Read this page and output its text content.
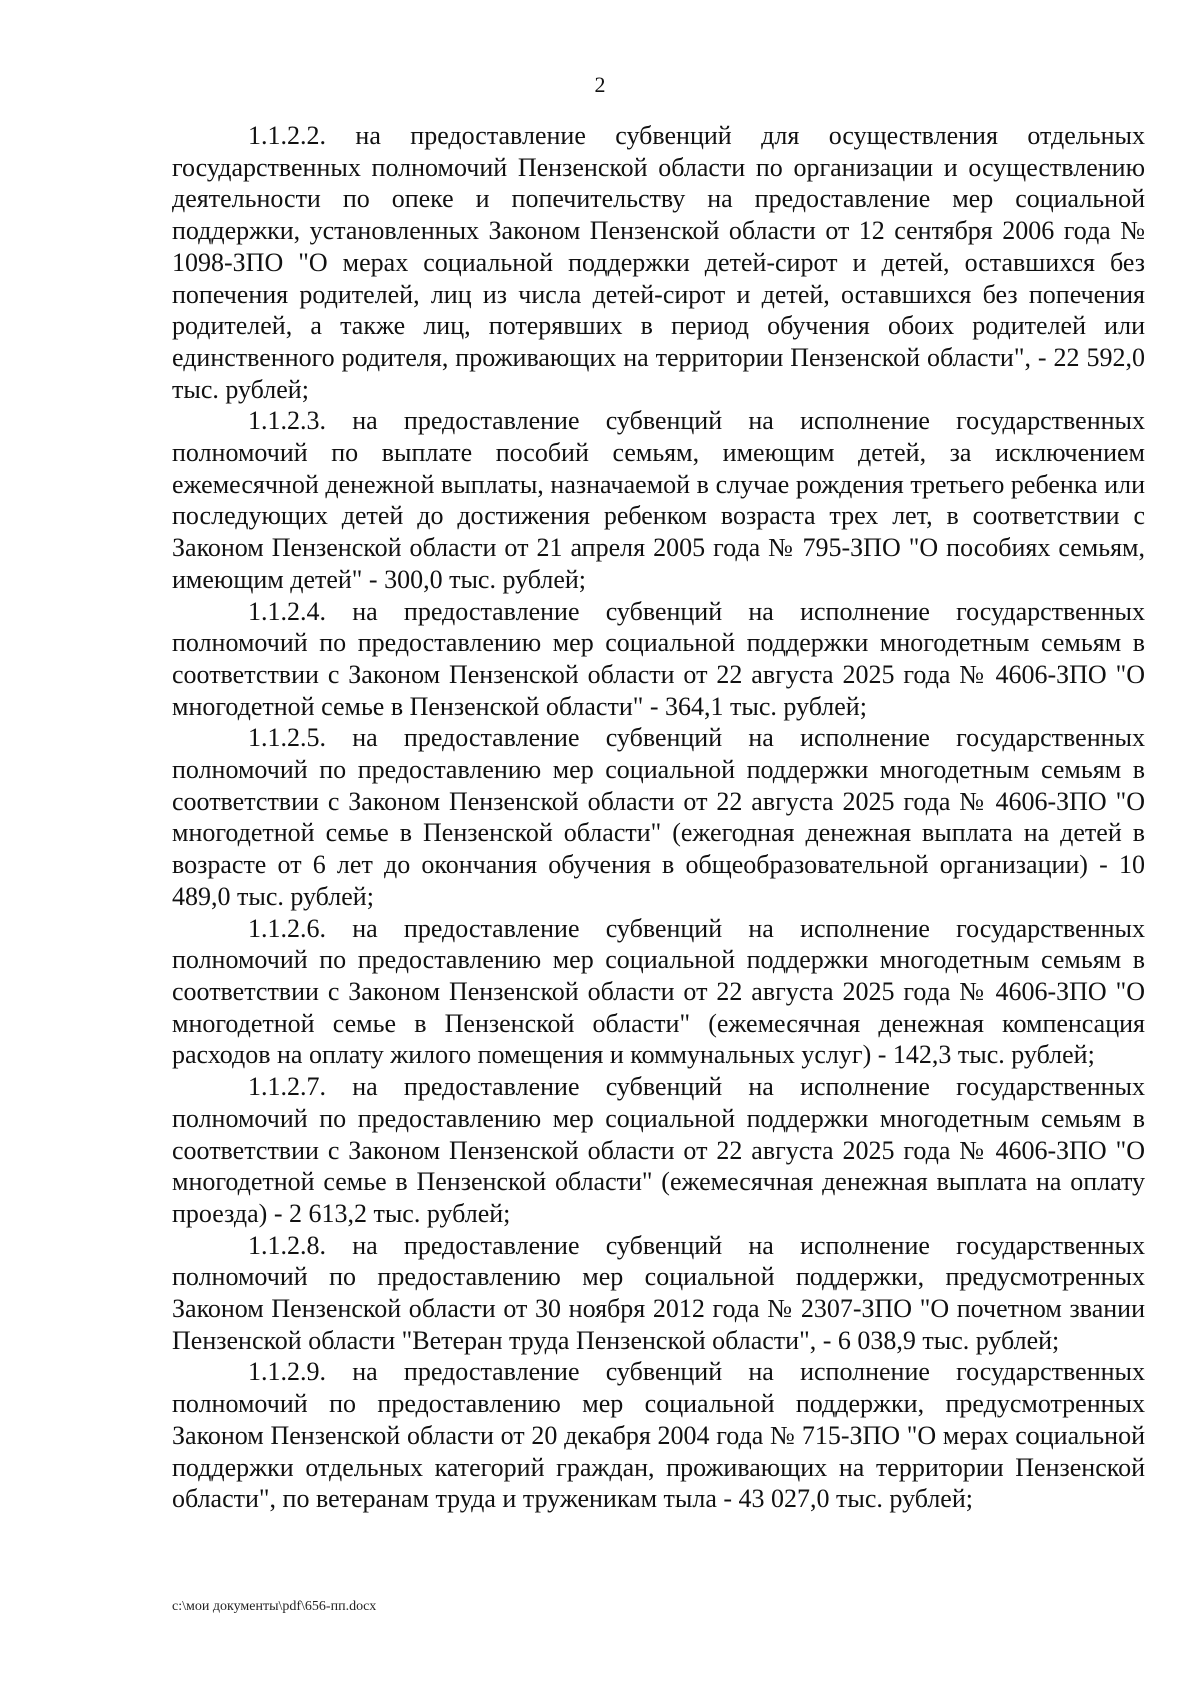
2

1.1.2.2. на предоставление субвенций для осуществления отдельных государственных полномочий Пензенской области по организации и осуществлению деятельности по опеке и попечительству на предоставление мер социальной поддержки, установленных Законом Пензенской области от 12 сентября 2006 года № 1098-ЗПО "О мерах социальной поддержки детей-сирот и детей, оставшихся без попечения родителей, лиц из числа детей-сирот и детей, оставшихся без попечения родителей, а также лиц, потерявших в период обучения обоих родителей или единственного родителя, проживающих на территории Пензенской области", - 22 592,0 тыс. рублей;

1.1.2.3. на предоставление субвенций на исполнение государственных полномочий по выплате пособий семьям, имеющим детей, за исключением ежемесячной денежной выплаты, назначаемой в случае рождения третьего ребенка или последующих детей до достижения ребенком возраста трех лет, в соответствии с Законом Пензенской области от 21 апреля 2005 года № 795-ЗПО "О пособиях семьям, имеющим детей" - 300,0 тыс. рублей;

1.1.2.4. на предоставление субвенций на исполнение государственных полномочий по предоставлению мер социальной поддержки многодетным семьям в соответствии с Законом Пензенской области от 22 августа 2025 года № 4606-ЗПО "О многодетной семье в Пензенской области" - 364,1 тыс. рублей;

1.1.2.5. на предоставление субвенций на исполнение государственных полномочий по предоставлению мер социальной поддержки многодетным семьям в соответствии с Законом Пензенской области от 22 августа 2025 года № 4606-ЗПО "О многодетной семье в Пензенской области" (ежегодная денежная выплата на детей в возрасте от 6 лет до окончания обучения в общеобразовательной организации) - 10 489,0 тыс. рублей;

1.1.2.6. на предоставление субвенций на исполнение государственных полномочий по предоставлению мер социальной поддержки многодетным семьям в соответствии с Законом Пензенской области от 22 августа 2025 года № 4606-ЗПО "О многодетной семье в Пензенской области" (ежемесячная денежная компенсация расходов на оплату жилого помещения и коммунальных услуг) - 142,3 тыс. рублей;

1.1.2.7. на предоставление субвенций на исполнение государственных полномочий по предоставлению мер социальной поддержки многодетным семьям в соответствии с Законом Пензенской области от 22 августа 2025 года № 4606-ЗПО "О многодетной семье в Пензенской области" (ежемесячная денежная выплата на оплату проезда) - 2 613,2 тыс. рублей;

1.1.2.8. на предоставление субвенций на исполнение государственных полномочий по предоставлению мер социальной поддержки, предусмотренных Законом Пензенской области от 30 ноября 2012 года № 2307-ЗПО "О почетном звании Пензенской области "Ветеран труда Пензенской области", - 6 038,9 тыс. рублей;

1.1.2.9. на предоставление субвенций на исполнение государственных полномочий по предоставлению мер социальной поддержки, предусмотренных Законом Пензенской области от 20 декабря 2004 года № 715-ЗПО "О мерах социальной поддержки отдельных категорий граждан, проживающих на территории Пензенской области", по ветеранам труда и труженикам тыла - 43 027,0 тыс. рублей;

c:\мои документы\pdf\656-пп.docx
